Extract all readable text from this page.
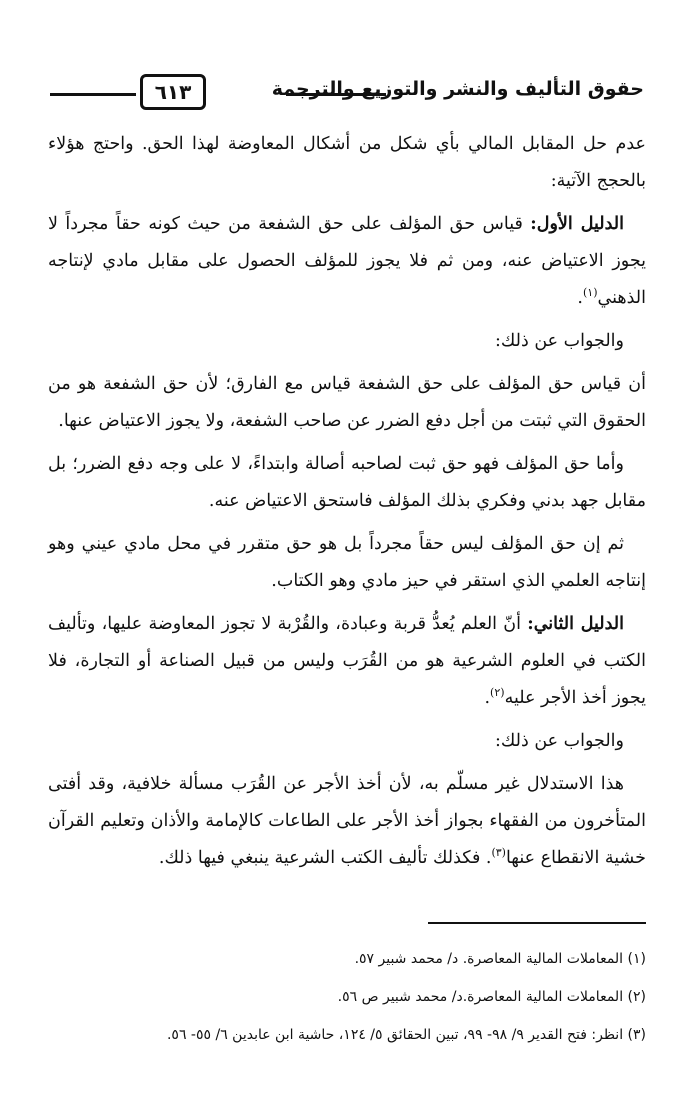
حقوق التأليف والنشر والتوزيع والترجمة
٦١٣

عدم حل المقابل المالي بأي شكل من أشكال المعاوضة لهذا الحق. واحتج هؤلاء بالحجج الآتية:

الدليل الأول: قياس حق المؤلف على حق الشفعة من حيث كونه حقاً مجرداً لا يجوز الاعتياض عنه، ومن ثم فلا يجوز للمؤلف الحصول على مقابل مادي لإنتاجه الذهني$^{(١)}$.

والجواب عن ذلك:

أن قياس حق المؤلف على حق الشفعة قياس مع الفارق؛ لأن حق الشفعة هو من الحقوق التي ثبتت من أجل دفع الضرر عن صاحب الشفعة، ولا يجوز الاعتياض عنها.

وأما حق المؤلف فهو حق ثبت لصاحبه أصالة وابتداءً، لا على وجه دفع الضرر؛ بل مقابل جهد بدني وفكري بذلك المؤلف فاستحق الاعتياض عنه.

ثم إن حق المؤلف ليس حقاً مجرداً بل هو حق متقرر في محل مادي عيني وهو إنتاجه العلمي الذي استقر في حيز مادي وهو الكتاب.

الدليل الثاني: أنّ العلم يُعدُّ قربة وعبادة، والقُرْبة لا تجوز المعاوضة عليها، وتأليف الكتب في العلوم الشرعية هو من القُرَب وليس من قبيل الصناعة أو التجارة، فلا يجوز أخذ الأجر عليه$^{(٢)}$.

والجواب عن ذلك:

هذا الاستدلال غير مسلّم به، لأن أخذ الأجر عن القُرَب مسألة خلافية، وقد أفتى المتأخرون من الفقهاء بجواز أخذ الأجر على الطاعات كالإمامة والأذان وتعليم القرآن خشية الانقطاع عنها$^{(٣)}$. فكذلك تأليف الكتب الشرعية ينبغي فيها ذلك.

(١) المعاملات المالية المعاصرة. د/ محمد شبير ٥٧.

(٢) المعاملات المالية المعاصرة.د/ محمد شبير ص ٥٦.

(٣) انظر: فتح القدير ٩/ ٩٨- ٩٩، تبين الحقائق ٥/ ١٢٤، حاشية ابن عابدين ٦/ ٥٥- ٥٦.
